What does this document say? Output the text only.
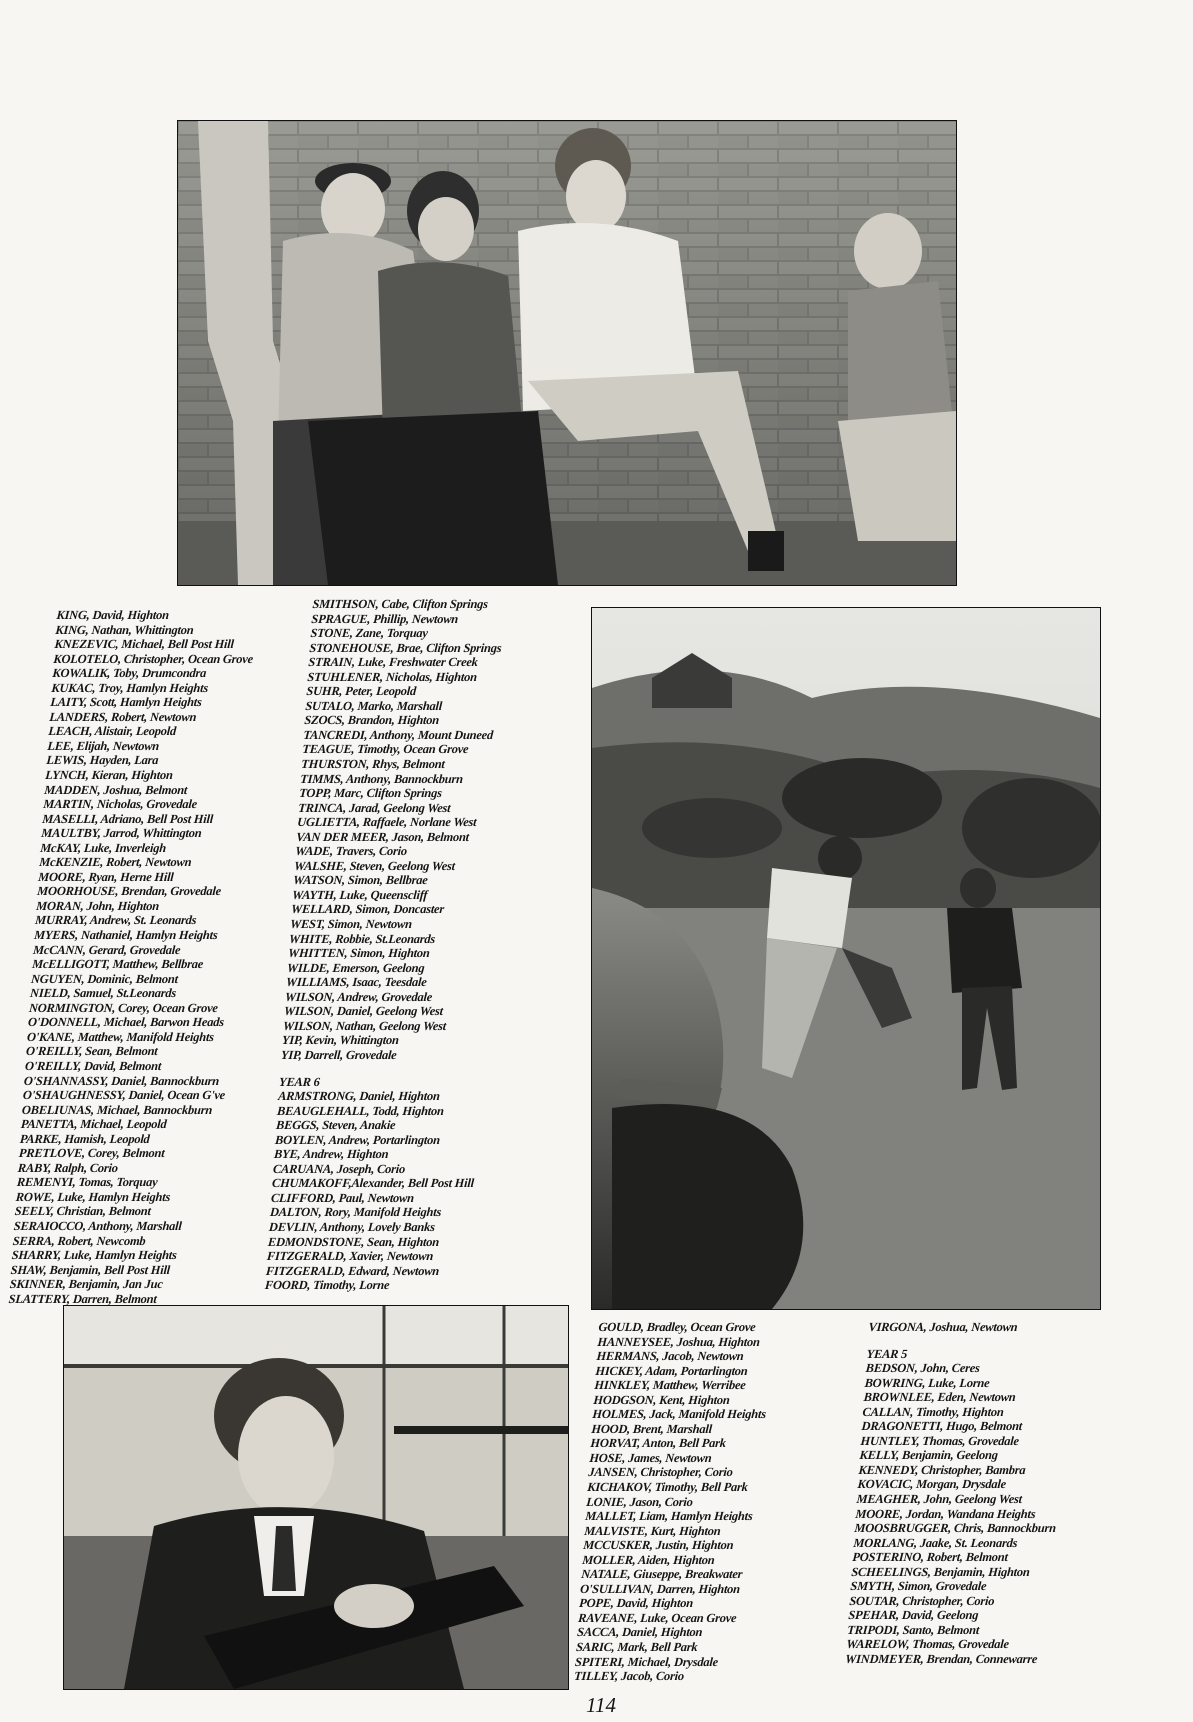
KING, David, Highton
KING, Nathan, Whittington
KNEZEVIC, Michael, Bell Post Hill
KOLOTELO, Christopher, Ocean Grove
KOWALIK, Toby, Drumcondra
KUKAC, Troy, Hamlyn Heights
LAITY, Scott, Hamlyn Heights
LANDERS, Robert, Newtown
LEACH, Alistair, Leopold
LEE, Elijah, Newtown
LEWIS, Hayden, Lara
LYNCH, Kieran, Highton
MADDEN, Joshua, Belmont
MARTIN, Nicholas, Grovedale
MASELLI, Adriano, Bell Post Hill
MAULTBY, Jarrod, Whittington
McKAY, Luke, Inverleigh
McKENZIE, Robert, Newtown
MOORE, Ryan, Herne Hill
MOORHOUSE, Brendan, Grovedale
MORAN, John, Highton
MURRAY, Andrew, St. Leonards
MYERS, Nathaniel, Hamlyn Heights
McCANN, Gerard, Grovedale
McELLIGOTT, Matthew, Bellbrae
NGUYEN, Dominic, Belmont
NIELD, Samuel, St.Leonards
NORMINGTON, Corey, Ocean Grove
O'DONNELL, Michael, Barwon Heads
O'KANE, Matthew, Manifold Heights
O'REILLY, Sean, Belmont
O'REILLY, David, Belmont
O'SHANNASSY, Daniel, Bannockburn
O'SHAUGHNESSY, Daniel, Ocean G've
OBELIUNAS, Michael, Bannockburn
PANETTA, Michael, Leopold
PARKE, Hamish, Leopold
PRETLOVE, Corey, Belmont
RABY, Ralph, Corio
REMENYI, Tomas, Torquay
ROWE, Luke, Hamlyn Heights
SEELY, Christian, Belmont
SERAIOCCO, Anthony, Marshall
SERRA, Robert, Newcomb
SHARRY, Luke, Hamlyn Heights
SHAW, Benjamin, Bell Post Hill
SKINNER, Benjamin, Jan Juc
SLATTERY, Darren, Belmont
SMITHSON, Cabe, Clifton Springs
SPRAGUE, Phillip, Newtown
STONE, Zane, Torquay
STONEHOUSE, Brae, Clifton Springs
STRAIN, Luke, Freshwater Creek
STUHLENER, Nicholas, Highton
SUHR, Peter, Leopold
SUTALO, Marko, Marshall
SZOCS, Brandon, Highton
TANCREDI, Anthony, Mount Duneed
TEAGUE, Timothy, Ocean Grove
THURSTON, Rhys, Belmont
TIMMS, Anthony, Bannockburn
TOPP, Marc, Clifton Springs
TRINCA, Jarad, Geelong West
UGLIETTA, Raffaele, Norlane West
VAN DER MEER, Jason, Belmont
WADE, Travers, Corio
WALSHE, Steven, Geelong West
WATSON, Simon, Bellbrae
WAYTH, Luke, Queenscliff
WELLARD, Simon, Doncaster
WEST, Simon, Newtown
WHITE, Robbie, St.Leonards
WHITTEN, Simon, Highton
WILDE, Emerson, Geelong
WILLIAMS, Isaac, Teesdale
WILSON, Andrew, Grovedale
WILSON, Daniel, Geelong West
WILSON, Nathan, Geelong West
YIP, Kevin, Whittington
YIP, Darrell, Grovedale
YEAR 6
ARMSTRONG, Daniel, Highton
BEAUGLEHALL, Todd, Highton
BEGGS, Steven, Anakie
BOYLEN, Andrew, Portarlington
BYE, Andrew, Highton
CARUANA, Joseph, Corio
CHUMAKOFF,Alexander, Bell Post Hill
CLIFFORD, Paul, Newtown
DALTON, Rory, Manifold Heights
DEVLIN, Anthony, Lovely Banks
EDMONDSTONE, Sean, Highton
FITZGERALD, Xavier, Newtown
FITZGERALD, Edward, Newtown
FOORD, Timothy, Lorne
GOULD, Bradley, Ocean Grove
HANNEYSEE, Joshua, Highton
HERMANS, Jacob, Newtown
HICKEY, Adam, Portarlington
HINKLEY, Matthew, Werribee
HODGSON, Kent, Highton
HOLMES, Jack, Manifold Heights
HOOD, Brent, Marshall
HORVAT, Anton, Bell Park
HOSE, James, Newtown
JANSEN, Christopher, Corio
KICHAKOV, Timothy, Bell Park
LONIE, Jason, Corio
MALLET, Liam, Hamlyn Heights
MALVISTE, Kurt, Highton
MCCUSKER, Justin, Highton
MOLLER, Aiden, Highton
NATALE, Giuseppe, Breakwater
O'SULLIVAN, Darren, Highton
POPE, David, Highton
RAVEANE, Luke, Ocean Grove
SACCA, Daniel, Highton
SARIC, Mark, Bell Park
SPITERI, Michael, Drysdale
TILLEY, Jacob, Corio
VIRGONA, Joshua, Newtown
YEAR 5
BEDSON, John, Ceres
BOWRING, Luke, Lorne
BROWNLEE, Eden, Newtown
CALLAN, Timothy, Highton
DRAGONETTI, Hugo, Belmont
HUNTLEY, Thomas, Grovedale
KELLY, Benjamin, Geelong
KENNEDY, Christopher, Bambra
KOVACIC, Morgan, Drysdale
MEAGHER, John, Geelong West
MOORE, Jordan, Wandana Heights
MOOSBRUGGER, Chris, Bannockburn
MORLANG, Jaake, St. Leonards
POSTERINO, Robert, Belmont
SCHEELINGS, Benjamin, Highton
SMYTH, Simon, Grovedale
SOUTAR, Christopher, Corio
SPEHAR, David, Geelong
TRIPODI, Santo, Belmont
WARELOW, Thomas, Grovedale
WINDMEYER, Brendan, Connewarre
114
